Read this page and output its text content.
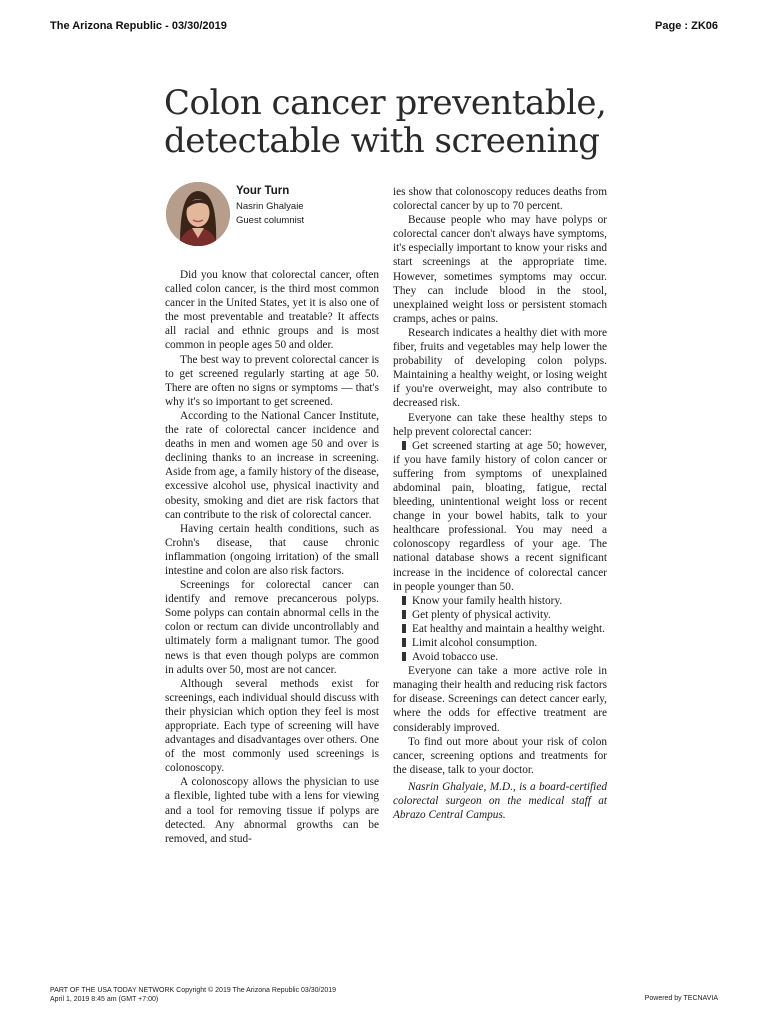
The Arizona Republic - 03/30/2019	Page : ZK06
Colon cancer preventable,
detectable with screening
Your Turn
Nasrin Ghalyaie
Guest columnist

Did you know that colorectal cancer, often called colon cancer, is the third most common cancer in the United States, yet it is also one of the most preventable and treatable? It affects all racial and ethnic groups and is most common in people ages 50 and older.

The best way to prevent colorectal cancer is to get screened regularly starting at age 50. There are often no signs or symptoms — that's why it's so important to get screened.

According to the National Cancer Institute, the rate of colorectal cancer incidence and deaths in men and women age 50 and over is declining thanks to an increase in screening. Aside from age, a family history of the disease, excessive alcohol use, physical inactivity and obesity, smoking and diet are risk factors that can contribute to the risk of colorectal cancer.

Having certain health conditions, such as Crohn's disease, that cause chronic inflammation (ongoing irritation) of the small intestine and colon are also risk factors.

Screenings for colorectal cancer can identify and remove precancerous polyps. Some polyps can contain abnormal cells in the colon or rectum can divide uncontrollably and ultimately form a malignant tumor. The good news is that even though polyps are common in adults over 50, most are not cancer.

Although several methods exist for screenings, each individual should discuss with their physician which option they feel is most appropriate. Each type of screening will have advantages and disadvantages over others. One of the most commonly used screenings is colonoscopy.

A colonoscopy allows the physician to use a flexible, lighted tube with a lens for viewing and a tool for removing tissue if polyps are detected. Any abnormal growths can be removed, and stud-

ies show that colonoscopy reduces deaths from colorectal cancer by up to 70 percent.

Because people who may have polyps or colorectal cancer don't always have symptoms, it's especially important to know your risks and start screenings at the appropriate time. However, sometimes symptoms may occur. They can include blood in the stool, unexplained weight loss or persistent stomach cramps, aches or pains.

Research indicates a healthy diet with more fiber, fruits and vegetables may help lower the probability of developing colon polyps. Maintaining a healthy weight, or losing weight if you're overweight, may also contribute to decreased risk.

Everyone can take these healthy steps to help prevent colorectal cancer:

Get screened starting at age 50; however, if you have family history of colon cancer or suffering from symptoms of unexplained abdominal pain, bloating, fatigue, rectal bleeding, unintentional weight loss or recent change in your bowel habits, talk to your healthcare professional. You may need a colonoscopy regardless of your age. The national database shows a recent significant increase in the incidence of colorectal cancer in people younger than 50.

Know your family health history.

Get plenty of physical activity.

Eat healthy and maintain a healthy weight.

Limit alcohol consumption.

Avoid tobacco use.

Everyone can take a more active role in managing their health and reducing risk factors for disease. Screenings can detect cancer early, where the odds for effective treatment are considerably improved.

To find out more about your risk of colon cancer, screening options and treatments for the disease, talk to your doctor.

Nasrin Ghalyaie, M.D., is a board-certified colorectal surgeon on the medical staff at Abrazo Central Campus.

PART OF THE USA TODAY NETWORK Copyright © 2019 The Arizona Republic 03/30/2019
April 1, 2019 8:45 am (GMT +7:00)	Powered by TECNAVIA
